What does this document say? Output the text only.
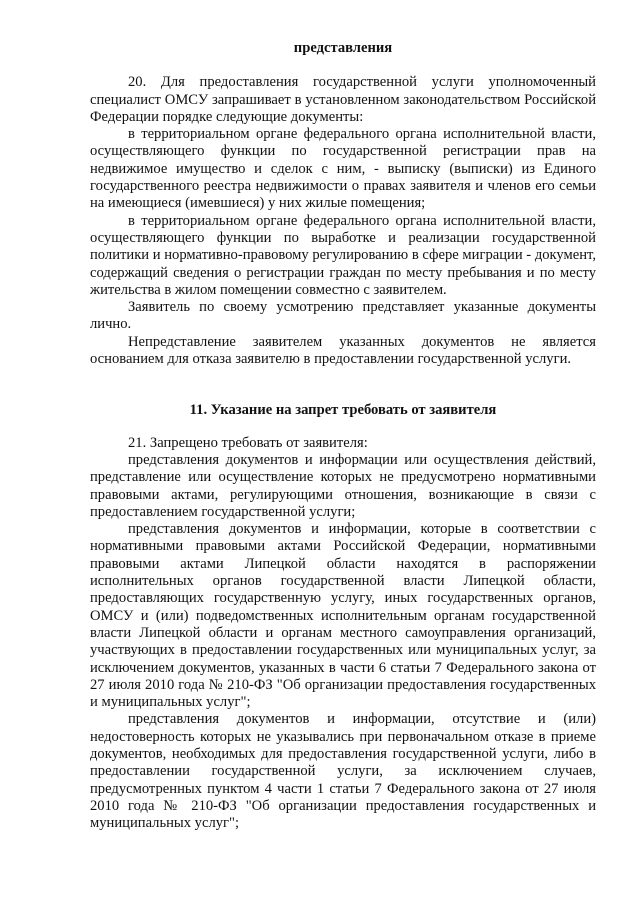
представления

20. Для предоставления государственной услуги уполномоченный специалист ОМСУ запрашивает в установленном законодательством Российской Федерации порядке следующие документы:

в территориальном органе федерального органа исполнительной власти, осуществляющего функции по государственной регистрации прав на недвижимое имущество и сделок с ним, - выписку (выписки) из Единого государственного реестра недвижимости о правах заявителя и членов его семьи на имеющиеся (имевшиеся) у них жилые помещения;

в территориальном органе федерального органа исполнительной власти, осуществляющего функции по выработке и реализации государственной политики и нормативно-правовому регулированию в сфере миграции - документ, содержащий сведения о регистрации граждан по месту пребывания и по месту жительства в жилом помещении совместно с заявителем.

Заявитель по своему усмотрению представляет указанные документы лично.

Непредставление заявителем указанных документов не является основанием для отказа заявителю в предоставлении государственной услуги.

11. Указание на запрет требовать от заявителя

21. Запрещено требовать от заявителя:

представления документов и информации или осуществления действий, представление или осуществление которых не предусмотрено нормативными правовыми актами, регулирующими отношения, возникающие в связи с предоставлением государственной услуги;

представления документов и информации, которые в соответствии с нормативными правовыми актами Российской Федерации, нормативными правовыми актами Липецкой области находятся в распоряжении исполнительных органов государственной власти Липецкой области, предоставляющих государственную услугу, иных государственных органов, ОМСУ и (или) подведомственных исполнительным органам государственной власти Липецкой области и органам местного самоуправления организаций, участвующих в предоставлении государственных или муниципальных услуг, за исключением документов, указанных в части 6 статьи 7 Федерального закона от 27 июля 2010 года № 210-ФЗ "Об организации предоставления государственных и муниципальных услуг";

представления документов и информации, отсутствие и (или) недостоверность которых не указывались при первоначальном отказе в приеме документов, необходимых для предоставления государственной услуги, либо в предоставлении государственной услуги, за исключением случаев, предусмотренных пунктом 4 части 1 статьи 7 Федерального закона от 27 июля 2010 года № 210-ФЗ "Об организации предоставления государственных и муниципальных услуг";
